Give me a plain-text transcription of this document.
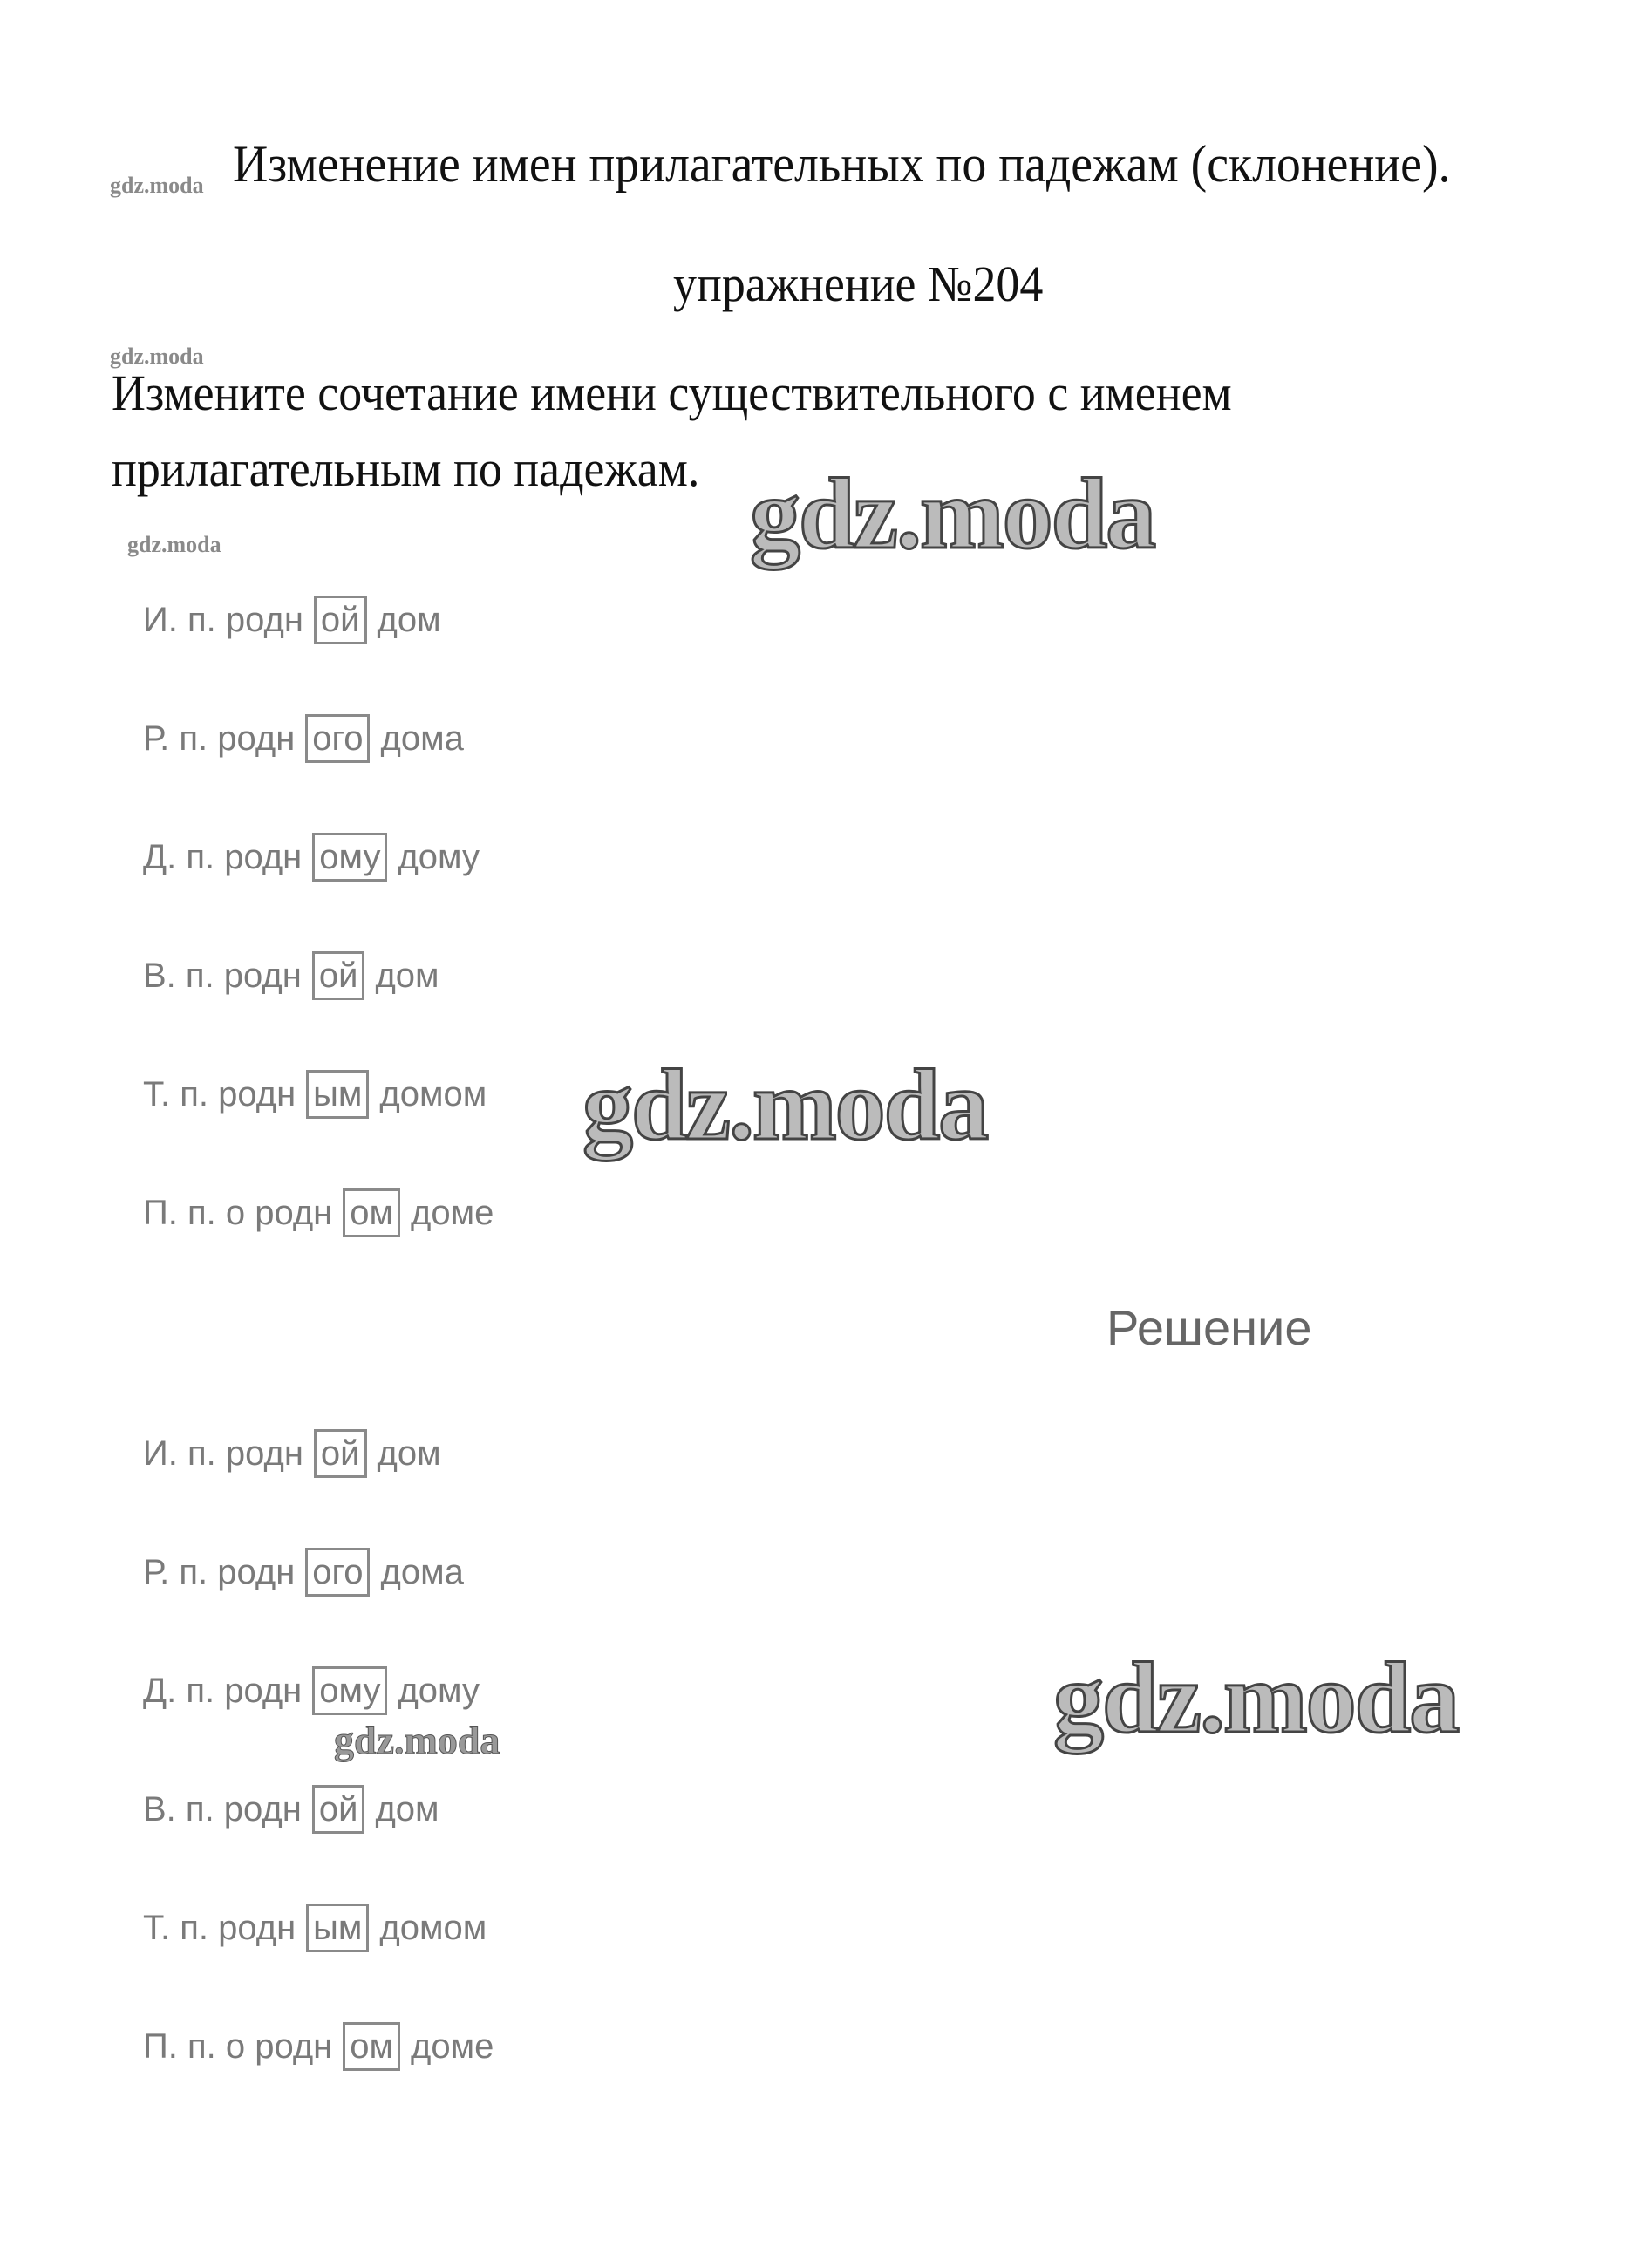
Изменение имен прилагательных по падежам (склонение).
упражнение №204
Измените сочетание имени существительного с именем
прилагательным по падежам.
И. п. родн ой дом
Р. п. родн ого дома
Д. п. родн ому дому
В. п. родн ой дом
Т. п. родн ым домом
П. п. о родн ом доме
Решение
И. п. родн ой дом
Р. п. родн ого дома
Д. п. родн ому дому
В. п. родн ой дом
Т. п. родн ым домом
П. п. о родн ом доме
gdz.moda
gdz.moda
gdz.moda
gdz.moda
gdz.moda
gdz.moda
gdz.moda
